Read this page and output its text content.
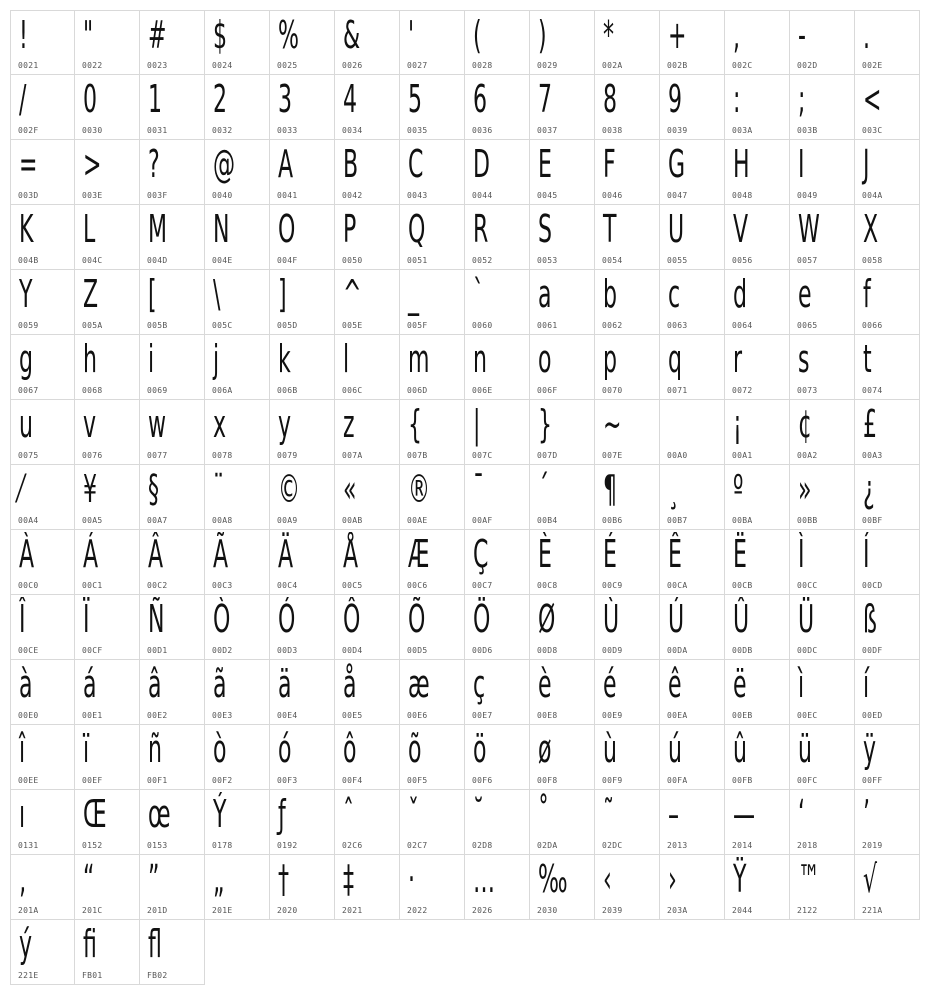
!
0021
"
0022
#
0023
$
0024
%
0025
&
0026
'
0027
(
0028
)
0029
*
002A
+
002B
,
002C
-
002D
.
002E
/
002F
0
0030
1
0031
2
0032
3
0033
4
0034
5
0035
6
0036
7
0037
8
0038
9
0039
:
003A
;
003B
<
003C
=
003D
>
003E
?
003F
@
0040
A
0041
B
0042
C
0043
D
0044
E
0045
F
0046
G
0047
H
0048
I
0049
J
004A
K
004B
L
004C
M
004D
N
004E
O
004F
P
0050
Q
0051
R
0052
S
0053
T
0054
U
0055
V
0056
W
0057
X
0058
Y
0059
Z
005A
[
005B
\
005C
]
005D
^
005E
_
005F
`
0060
a
0061
b
0062
c
0063
d
0064
e
0065
f
0066
g
0067
h
0068
i
0069
j
006A
k
006B
l
006C
m
006D
n
006E
o
006F
p
0070
q
0071
r
0072
s
0073
t
0074
u
0075
v
0076
w
0077
x
0078
y
0079
z
007A
{
007B
|
007C
}
007D
~
007E	00A0
¡
00A1
¢
00A2
£
00A3
⁄
00A4
¥
00A5
§
00A7
¨
00A8
©
00A9
«
00AB
®
00AE
¯
00AF
´
00B4
¶
00B6
¸
00B7
º
00BA
»
00BB
¿
00BF
À
00C0
Á
00C1
Â
00C2
Ã
00C3
Ä
00C4
Å
00C5
Æ
00C6
Ç
00C7
È
00C8
É
00C9
Ê
00CA
Ë
00CB
Ì
00CC
Í
00CD
Î
00CE
Ï
00CF
Ñ
00D1
Ò
00D2
Ó
00D3
Ô
00D4
Õ
00D5
Ö
00D6
Ø
00D8
Ù
00D9
Ú
00DA
Û
00DB
Ü
00DC
ß
00DF
à
00E0
á
00E1
â
00E2
ã
00E3
ä
00E4
å
00E5
æ
00E6
ç
00E7
è
00E8
é
00E9
ê
00EA
ë
00EB
ì
00EC
í
00ED
î
00EE
ï
00EF
ñ
00F1
ò
00F2
ó
00F3
ô
00F4
õ
00F5
ö
00F6
ø
00F8
ù
00F9
ú
00FA
û
00FB
ü
00FC
ÿ
00FF
ı
0131
Œ
0152
œ
0153
Ý
0178
ƒ
0192
ˆ
02C6
ˇ
02C7
˘
02D8
˚
02DA
˜
02DC
–
2013
—
2014
‘
2018
’
2019
‚
201A
“
201C
”
201D
„
201E
†
2020
‡
2021
·
2022
…
2026
‰
2030
‹
2039
›
203A
Ÿ
2044
™
2122
√
221A
ý
221E
ﬁ
FB01
ﬂ
FB02
